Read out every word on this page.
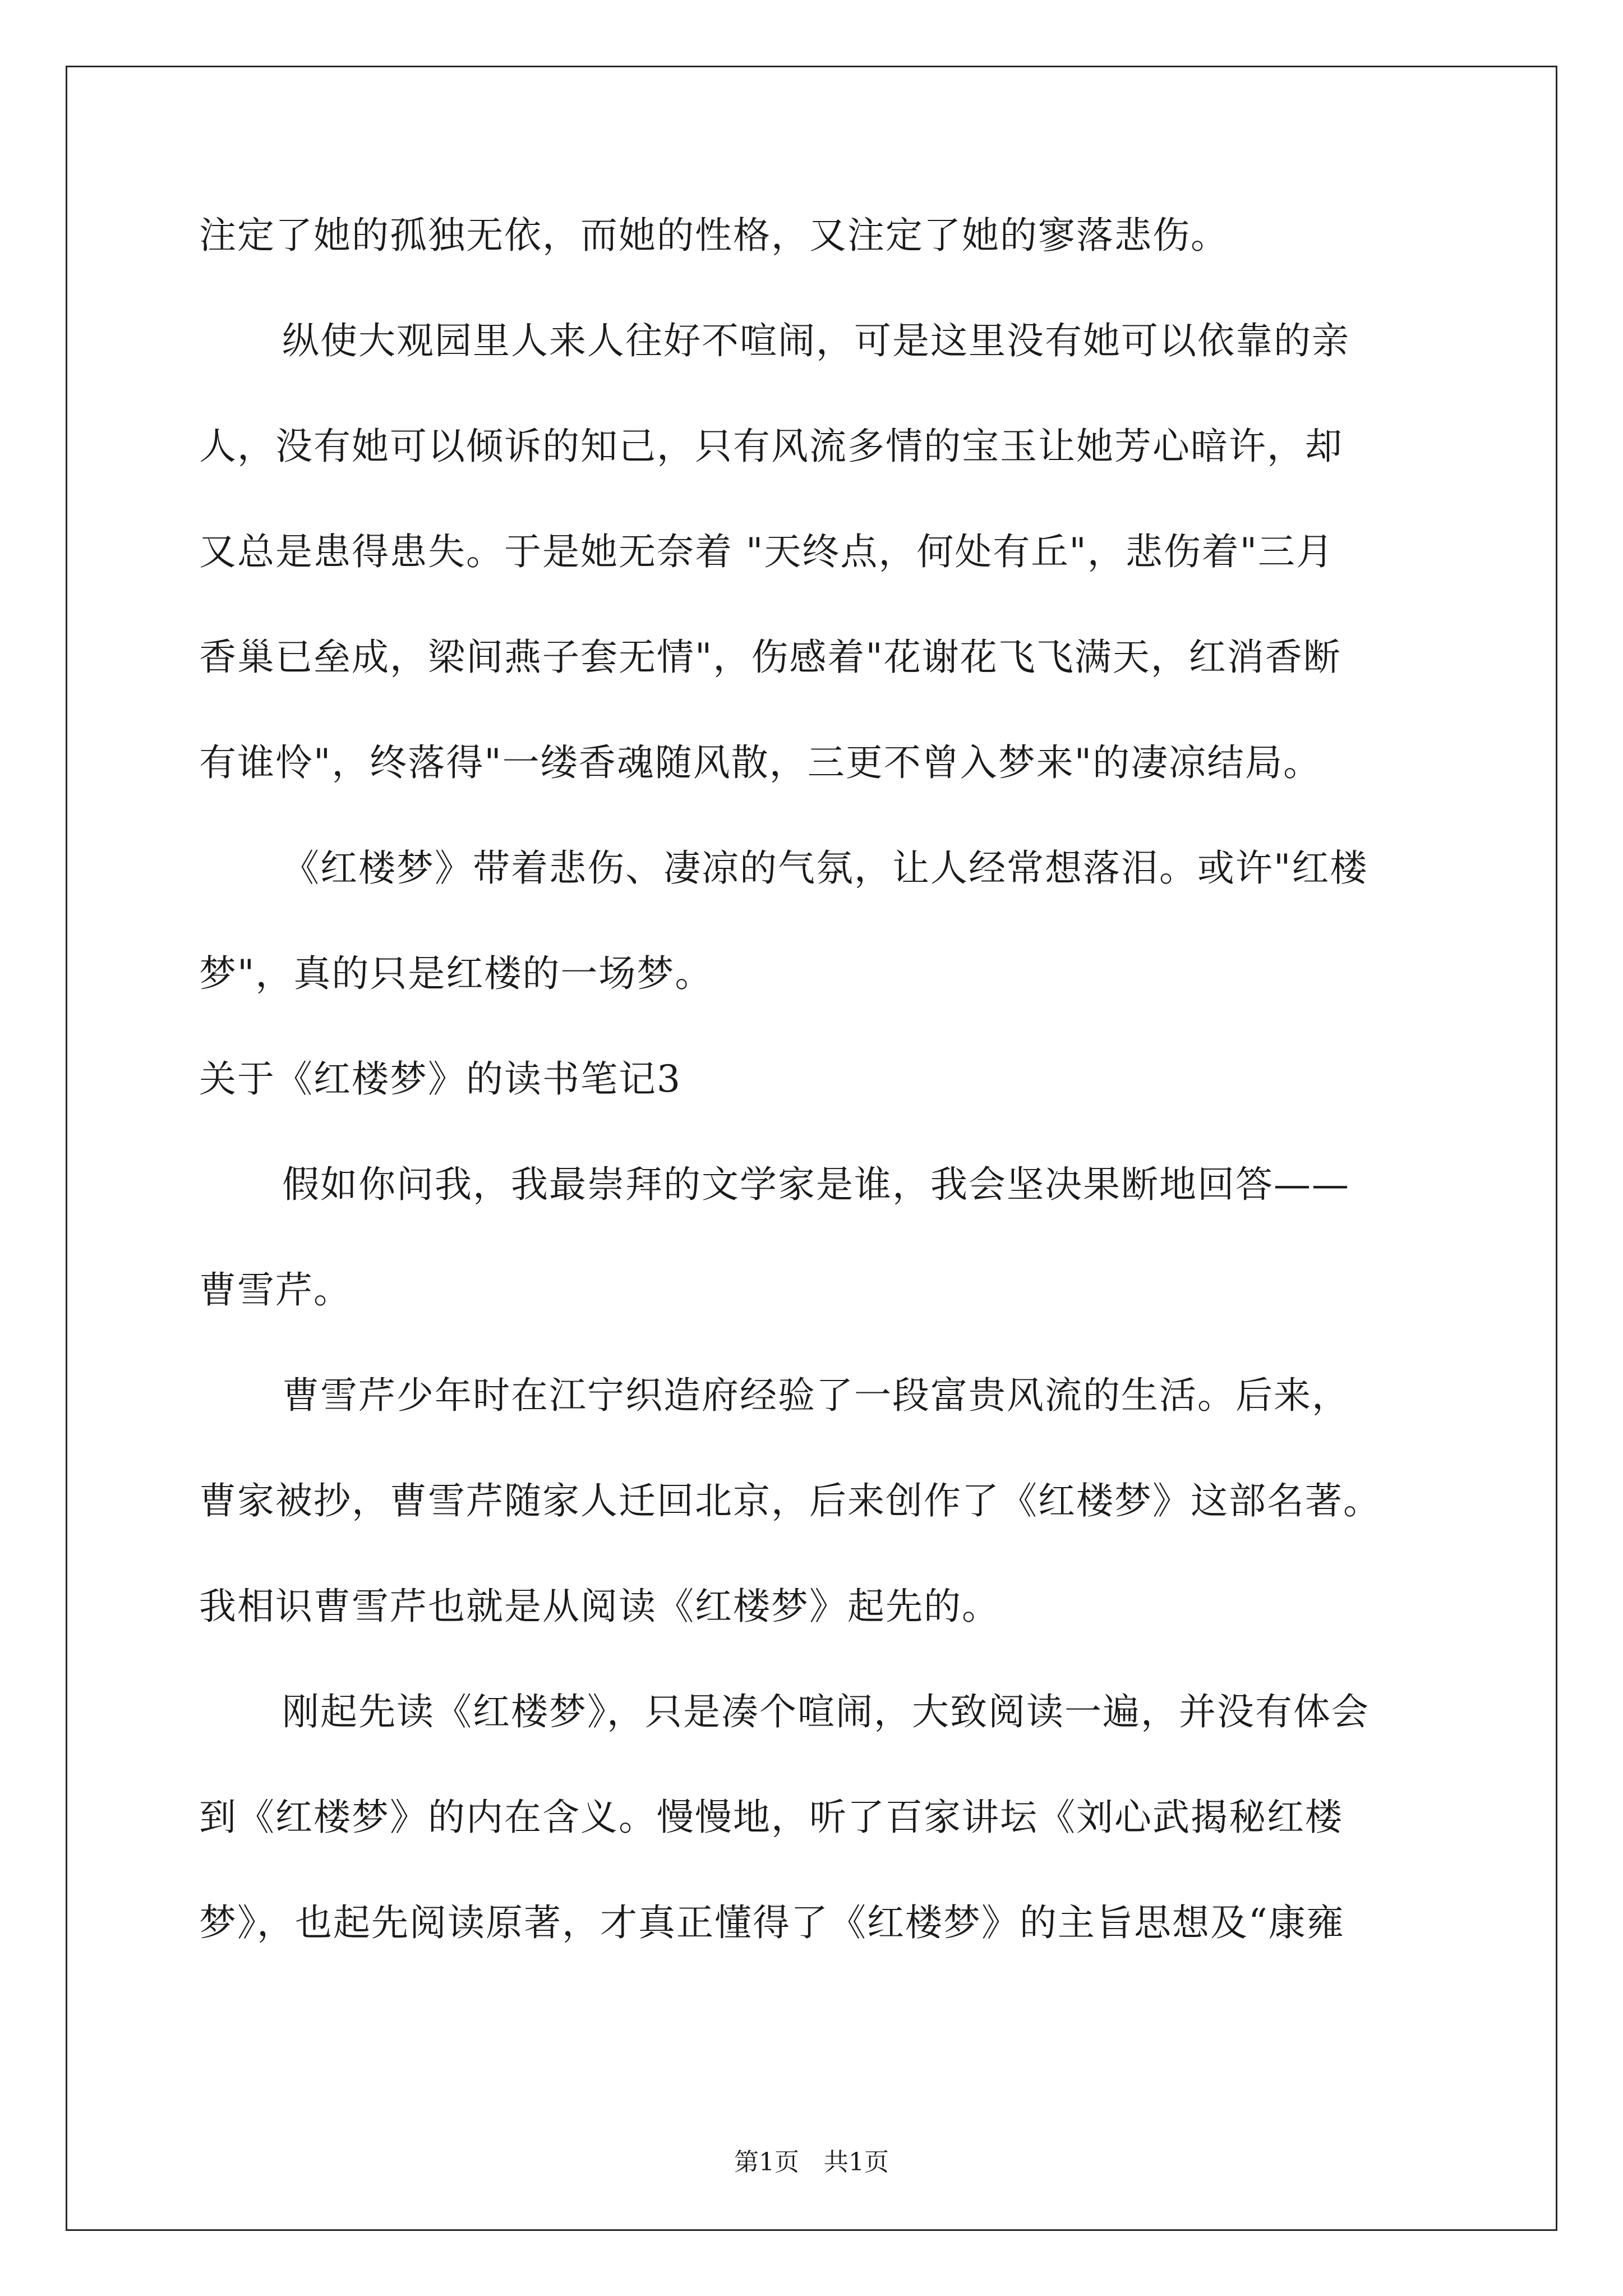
注定了她的孤独无依，而她的性格，又注定了她的寥落悲伤。
纵使大观园里人来人往好不喧闹，可是这里没有她可以依靠的亲
人，没有她可以倾诉的知己，只有风流多情的宝玉让她芳心暗许，却
又总是患得患失。于是她无奈着 "天终点，何处有丘"，悲伤着"三月
香巢已垒成，梁间燕子套无情"，伤感着"花谢花飞飞满天，红消香断
有谁怜"，终落得"一缕香魂随风散，三更不曾入梦来"的凄凉结局。
《红楼梦》带着悲伤、凄凉的气氛，让人经常想落泪。或许"红楼
梦"，真的只是红楼的一场梦。
关于《红楼梦》的读书笔记3
假如你问我，我最崇拜的文学家是谁，我会坚决果断地回答——
曹雪芹。
曹雪芹少年时在江宁织造府经验了一段富贵风流的生活。后来，
曹家被抄，曹雪芹随家人迁回北京，后来创作了《红楼梦》这部名著。
我相识曹雪芹也就是从阅读《红楼梦》起先的。
刚起先读《红楼梦》，只是凑个喧闹，大致阅读一遍，并没有体会
到《红楼梦》的内在含义。慢慢地，听了百家讲坛《刘心武揭秘红楼
梦》，也起先阅读原著，才真正懂得了《红楼梦》的主旨思想及“康雍
第1页　共1页
